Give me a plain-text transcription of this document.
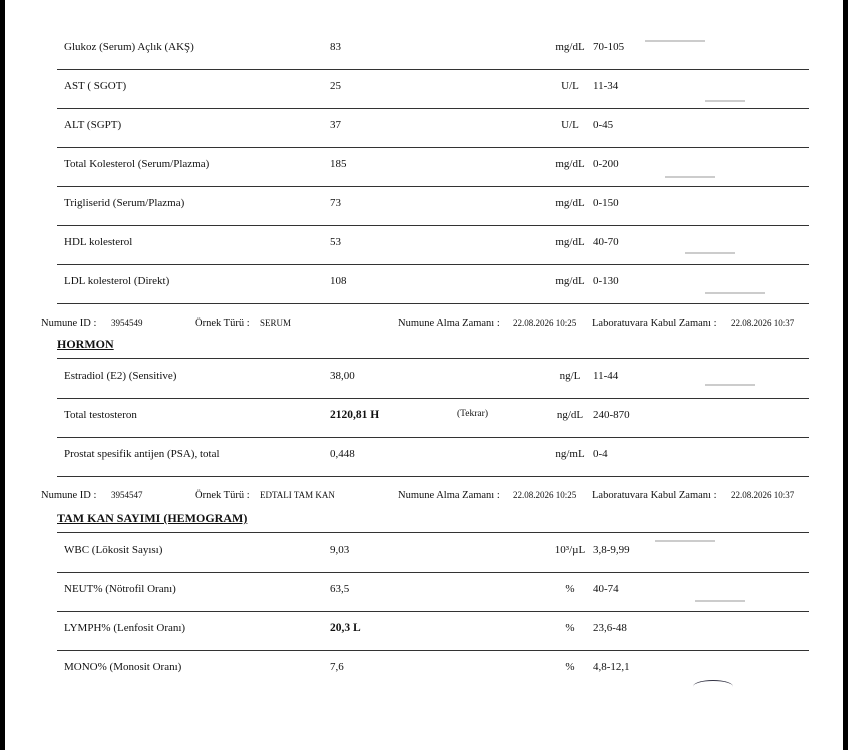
Glukoz (Serum) Açlık (AKŞ)	83	mg/dL 70-105
AST ( SGOT)	25	U/L	11-34
ALT (SGPT)	37	U/L	0-45
Total Kolesterol (Serum/Plazma)	185	mg/dL 0-200
Trigliserid (Serum/Plazma)	73	mg/dL 0-150
HDL kolesterol	53	mg/dL 40-70
LDL kolesterol (Direkt)	108	mg/dL 0-130
Numune ID : 3954549	Örnek Türü : SERUM	Numune Alma Zamanı : 22.08.2026 10:25 Laboratuvara Kabul Zamanı : 22.08.2026 10:37
HORMON
Estradiol (E2) (Sensitive)	38,00	ng/L	11-44
Total testosteron	2120,81 H	(Tekrar)	ng/dL 240-870
Prostat spesifik antijen (PSA), total	0,448	ng/mL 0-4
Numune ID : 3954547	Örnek Türü : EDTALI TAM KAN	Numune Alma Zamanı : 22.08.2026 10:25 Laboratuvara Kabul Zamanı : 22.08.2026 10:37
TAM KAN SAYIMI (HEMOGRAM)
WBC (Lökosit Sayısı)	9,03	10³/µL 3,8-9,99
NEUT% (Nötrofil Oranı)	63,5	%	40-74
LYMPH% (Lenfosit Oranı)	20,3 L	%	23,6-48
MONO% (Monosit Oranı)	7,6	%	4,8-12,1
